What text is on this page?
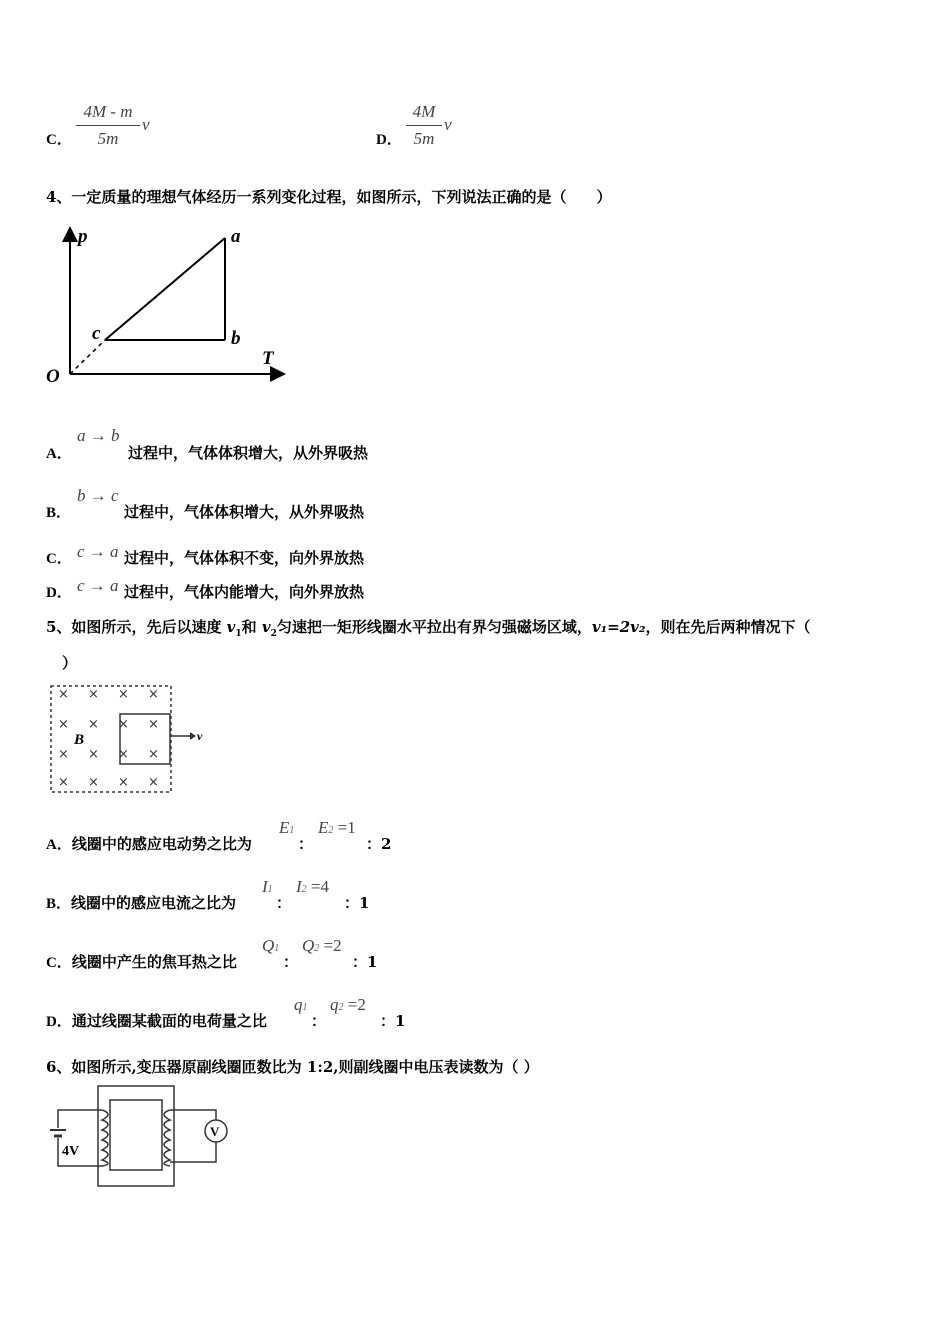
C．
4M - m
5m
v
D．
4M
5m
v
4、一定质量的理想气体经历一系列变化过程，如图所示，下列说法正确的是（　　）
p
T
O
a
b
c
A．
a → b
过程中，气体体积增大，从外界吸热
B．
b → c
过程中，气体体积增大，从外界吸热
C． c → a 过程中，气体体积不变，向外界放热
D． c → a 过程中，气体内能增大，向外界放热
5、如图所示，先后以速度 $v_1$和 $v_2$匀速把一矩形线圈水平拉出有界匀强磁场区域，v₁=2v₂，则在先后两种情况下（
）
× × × ×
× × × ×
× × × ×
× × × ×
B	v
A．线圈中的感应电动势之比为
E1
：
E2 =1
：2
B．线圈中的感应电流之比为
I1
：
I2 =4
：1
C．线圈中产生的焦耳热之比
Q1
：
Q2 =2
：1
D．通过线圈某截面的电荷量之比
q1
：
q2 =2
：1
6、如图所示,变压器原副线圈匝数比为 1:2,则副线圈中电压表读数为（ ）
4V
V
